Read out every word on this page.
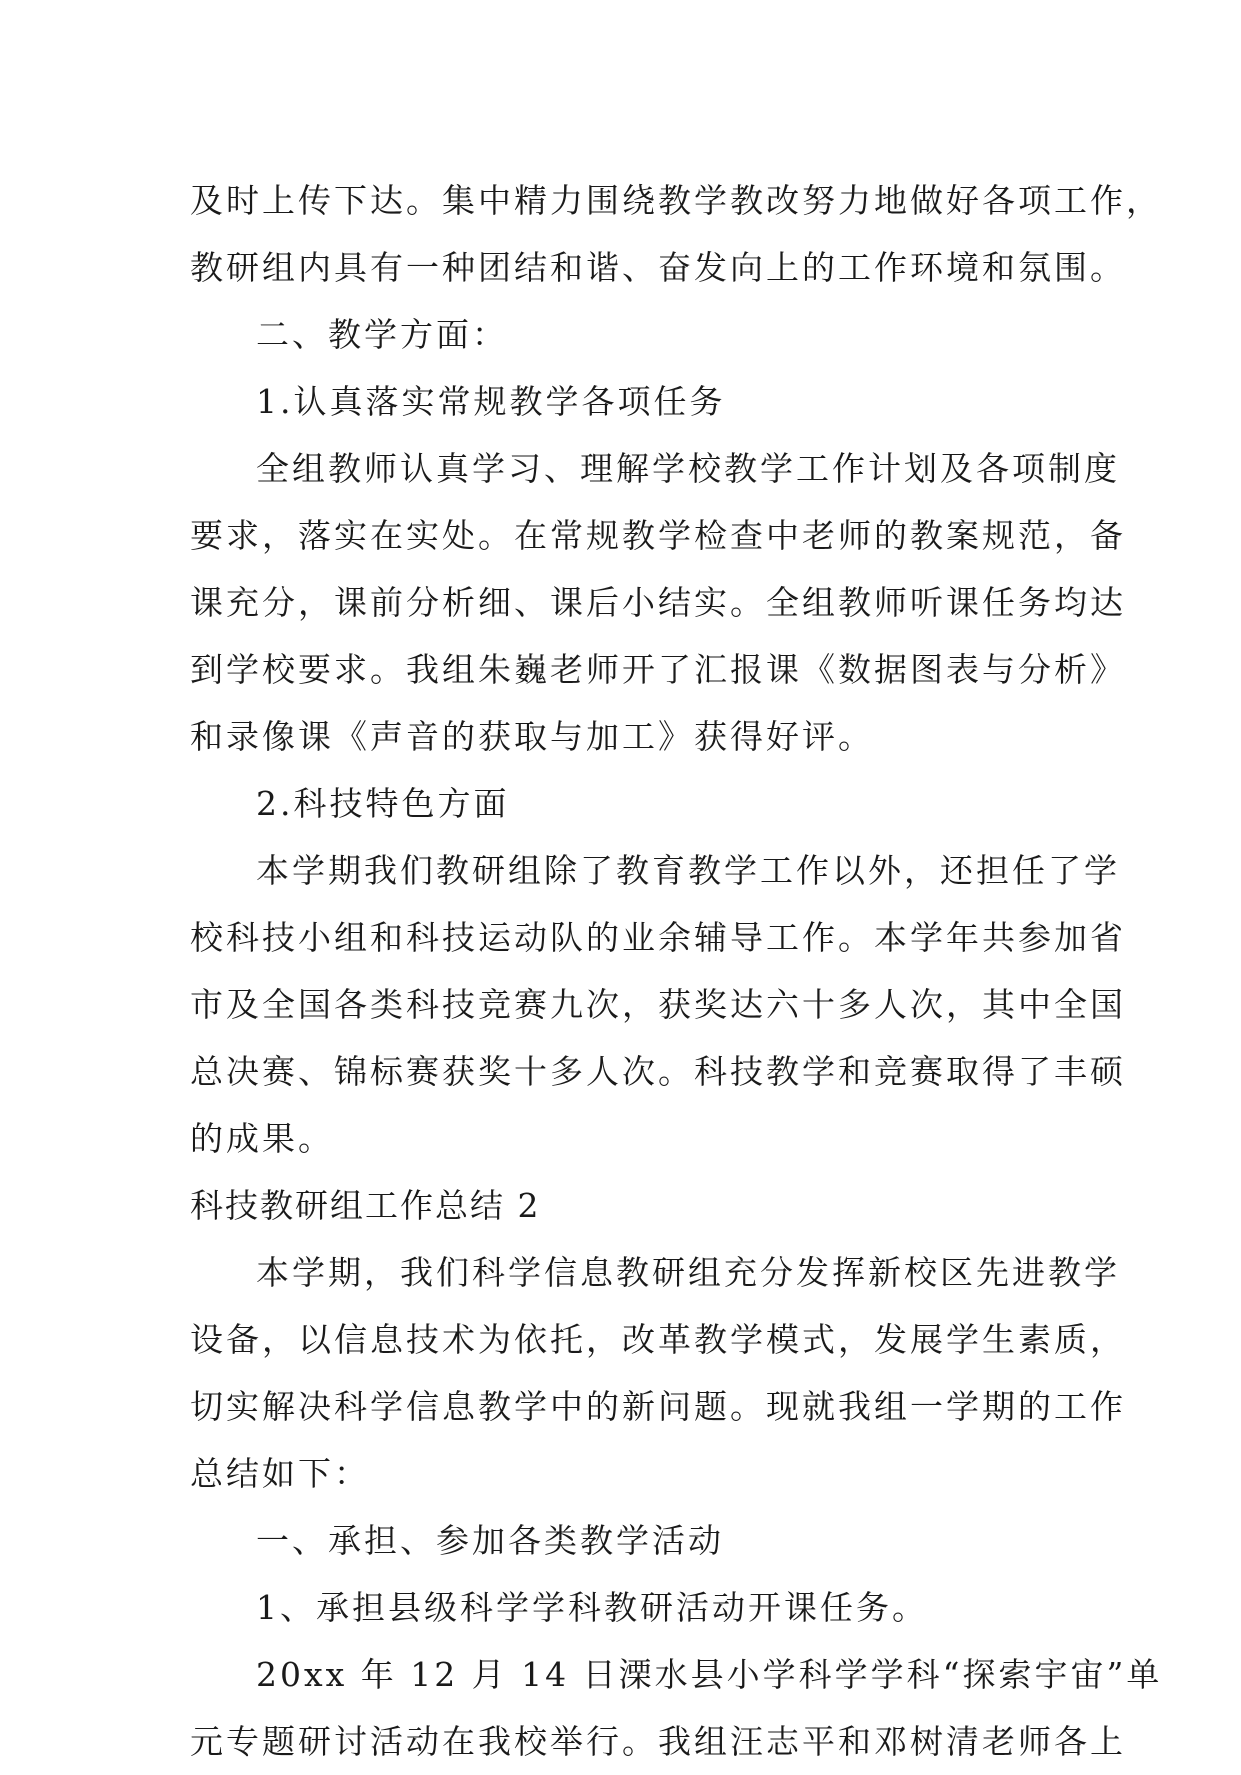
及时上传下达。集中精力围绕教学教改努力地做好各项工作，
教研组内具有一种团结和谐、奋发向上的工作环境和氛围。
二、教学方面：
1.认真落实常规教学各项任务
全组教师认真学习、理解学校教学工作计划及各项制度
要求，落实在实处。在常规教学检查中老师的教案规范，备
课充分，课前分析细、课后小结实。全组教师听课任务均达
到学校要求。我组朱巍老师开了汇报课《数据图表与分析》
和录像课《声音的获取与加工》获得好评。
2.科技特色方面
本学期我们教研组除了教育教学工作以外，还担任了学
校科技小组和科技运动队的业余辅导工作。本学年共参加省
市及全国各类科技竞赛九次，获奖达六十多人次，其中全国
总决赛、锦标赛获奖十多人次。科技教学和竞赛取得了丰硕
的成果。
科技教研组工作总结 2
本学期，我们科学信息教研组充分发挥新校区先进教学
设备，以信息技术为依托，改革教学模式，发展学生素质，
切实解决科学信息教学中的新问题。现就我组一学期的工作
总结如下：
一、承担、参加各类教学活动
1、承担县级科学学科教研活动开课任务。
20xx 年 12 月 14 日溧水县小学科学学科“探索宇宙”单
元专题研讨活动在我校举行。我组汪志平和邓树清老师各上
